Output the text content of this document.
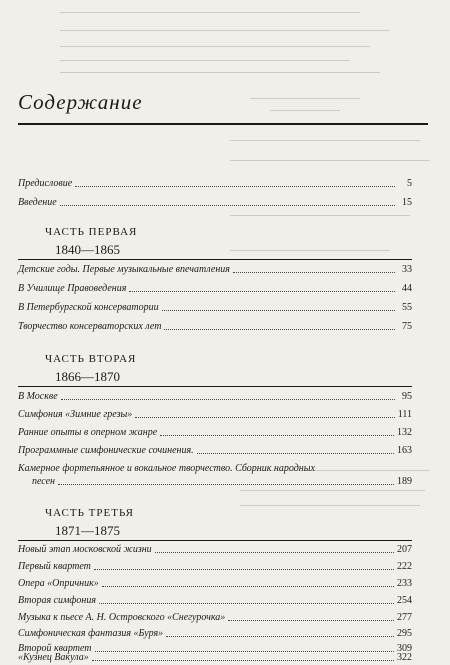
Содержание
Предисловие	5
Введение	15
ЧАСТЬ ПЕРВАЯ
1840—1865
Детские годы. Первые музыкальные впечатления	33
В Училище Правоведения	44
В Петербургской консерватории	55
Творчество консерваторских лет	75
ЧАСТЬ ВТОРАЯ
1866—1870
В Москве	95
Симфония «Зимние грезы»	111
Ранние опыты в оперном жанре	132
Программные симфонические сочинения.	163
Камерное фортепьянное и вокальное творчество. Сборник народных
песен	189
ЧАСТЬ ТРЕТЬЯ
1871—1875
Новый этап московской жизни	207
Первый квартет	222
Опера «Опричник»	233
Вторая симфония	254
Музыка к пьесе А. Н. Островского «Снегурочка»	277
Симфоническая фантазия «Буря»	295
Второй квартет	309
«Кузнец Вакула»	322
